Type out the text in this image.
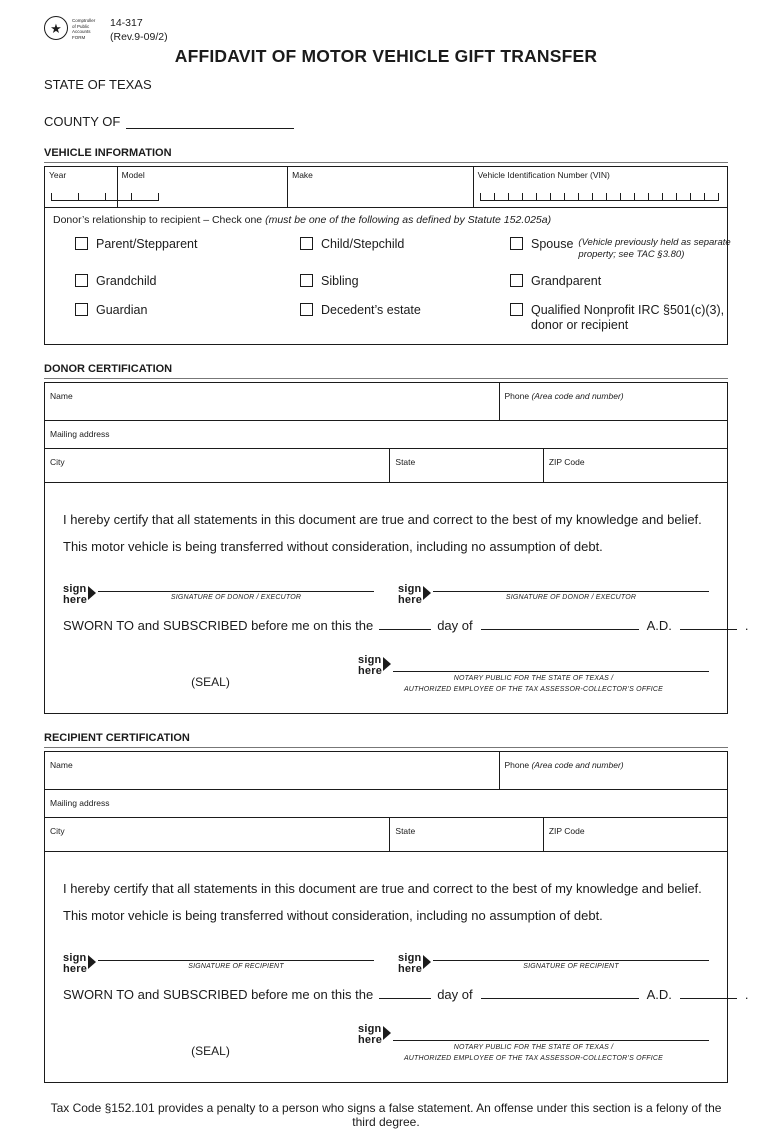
★ Comptroller
of Public
Accounts
FORM
14-317
(Rev.9-09/2)
AFFIDAVIT OF MOTOR VEHICLE GIFT TRANSFER
STATE OF TEXAS
COUNTY OF
VEHICLE INFORMATION
Year	Model	Make	Vehicle Identification Number (VIN)
Donor’s relationship to recipient – Check one (must be one of the following as defined by Statute 152.025a)
Parent/Stepparent	Child/Stepchild	Spouse (Vehicle previously held as separate property; see TAC §3.80)
Grandchild	Sibling	Grandparent
Guardian	Decedent’s estate	Qualified Nonprofit IRC §501(c)(3), donor or recipient
DONOR CERTIFICATION
Name	Phone (Area code and number)
Mailing address
City	State	ZIP Code

I hereby certify that all statements in this document are true and correct to the best of my knowledge and belief. This motor vehicle is being transferred without consideration, including no assumption of debt.

sign
here	SIGNATURE OF DONOR / EXECUTOR
sign
here	SIGNATURE OF DONOR / EXECUTOR
SWORN TO and SUBSCRIBED before me on this the	day of	A.D.	.
(SEAL)
sign
here
NOTARY PUBLIC FOR THE STATE OF TEXAS /
AUTHORIZED EMPLOYEE OF THE TAX ASSESSOR-COLLECTOR’S OFFICE
RECIPIENT CERTIFICATION
Name	Phone (Area code and number)
Mailing address
City	State	ZIP Code

I hereby certify that all statements in this document are true and correct to the best of my knowledge and belief. This motor vehicle is being transferred without consideration, including no assumption of debt.

sign
here	SIGNATURE OF RECIPIENT
sign
here	SIGNATURE OF RECIPIENT
SWORN TO and SUBSCRIBED before me on this the	day of	A.D.	.
(SEAL)
sign
here
NOTARY PUBLIC FOR THE STATE OF TEXAS /
AUTHORIZED EMPLOYEE OF THE TAX ASSESSOR-COLLECTOR’S OFFICE
Tax Code §152.101 provides a penalty to a person who signs a false statement. An offense under this section is a felony of the third degree.
